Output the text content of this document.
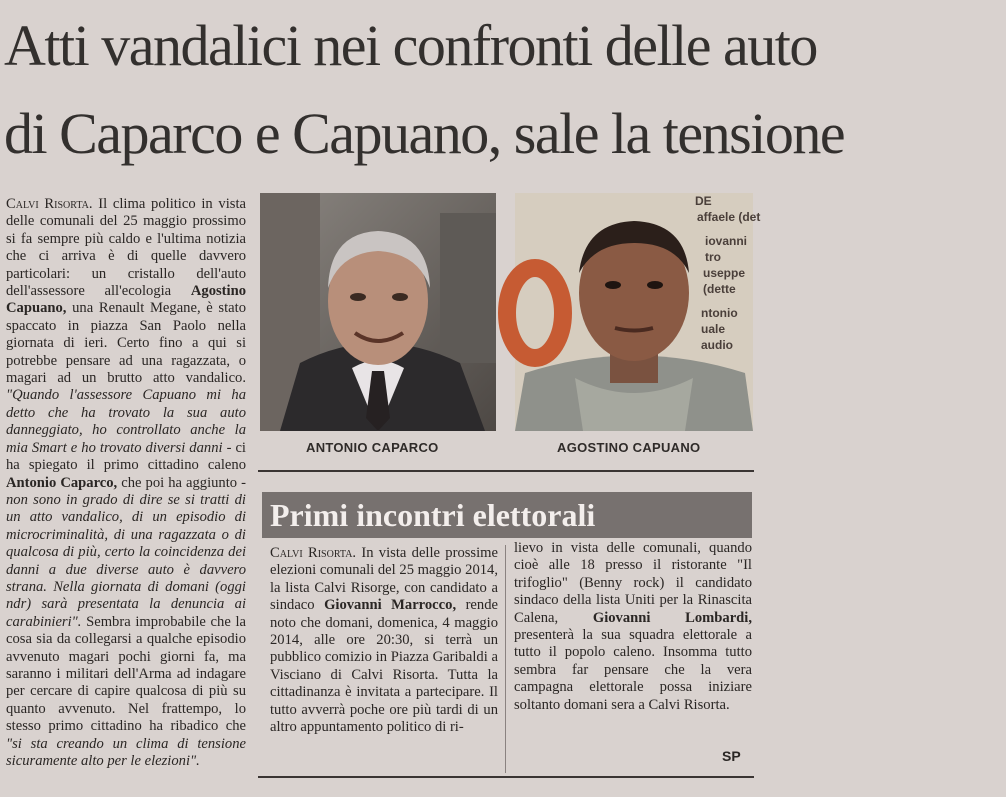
Atti vandalici nei confronti delle auto
di Caparco e Capuano, sale la tensione

Calvi Risorta. Il clima politico in vista delle comunali del 25 maggio prossimo si fa sempre più caldo e l'ultima notizia che ci arriva è di quelle davvero particolari: un cristallo dell'auto dell'assessore all'ecologia Agostino Capuano, una Renault Megane, è stato spaccato in piazza San Paolo nella giornata di ieri. Certo fino a qui si potrebbe pensare ad una ragazzata, o magari ad un brutto atto vandalico. "Quando l'assessore Capuano mi ha detto che ha trovato la sua auto danneggiato, ho controllato anche la mia Smart e ho trovato diversi danni - ci ha spiegato il primo cittadino caleno Antonio Caparco, che poi ha aggiunto - non sono in grado di dire se si tratti di un atto vandalico, di un episodio di microcriminalità, di una ragazzata o di qualcosa di più, certo la coincidenza dei danni a due diverse auto è davvero strana. Nella giornata di domani (oggi ndr) sarà presentata la denuncia ai carabinieri". Sembra improbabile che la cosa sia da collegarsi a qualche episodio avvenuto magari pochi giorni fa, ma saranno i militari dell'Arma ad indagare per cercare di capire qualcosa di più su quanto avvenuto. Nel frattempo, lo stesso primo cittadino ha ribadico che "si sta creando un clima di tensione sicuramente alto per le elezioni".

DE
affaele (det
iovanni
tro
useppe
(dette
ntonio
uale
audio
ANTONIO CAPARCO	AGOSTINO CAPUANO
Primi incontri elettorali

Calvi Risorta. In vista delle prossime elezioni comunali del 25 maggio 2014, la lista Calvi Risorge, con candidato a sindaco Giovanni Marrocco, rende noto che domani, domenica, 4 maggio 2014, alle ore 20:30, si terrà un pubblico comizio in Piazza Garibaldi a Visciano di Calvi Risorta. Tutta la cittadinanza è invitata a partecipare. Il tutto avverrà poche ore più tardi di un altro appuntamento politico di ri-

lievo in vista delle comunali, quando cioè alle 18 presso il ristorante "Il trifoglio" (Benny rock) il candidato sindaco della lista Uniti per la Rinascita Calena, Giovanni Lombardi, presenterà la sua squadra elettorale a tutto il popolo caleno. Insomma tutto sembra far pensare che la vera campagna elettorale possa iniziare soltanto domani sera a Calvi Risorta.

SP
